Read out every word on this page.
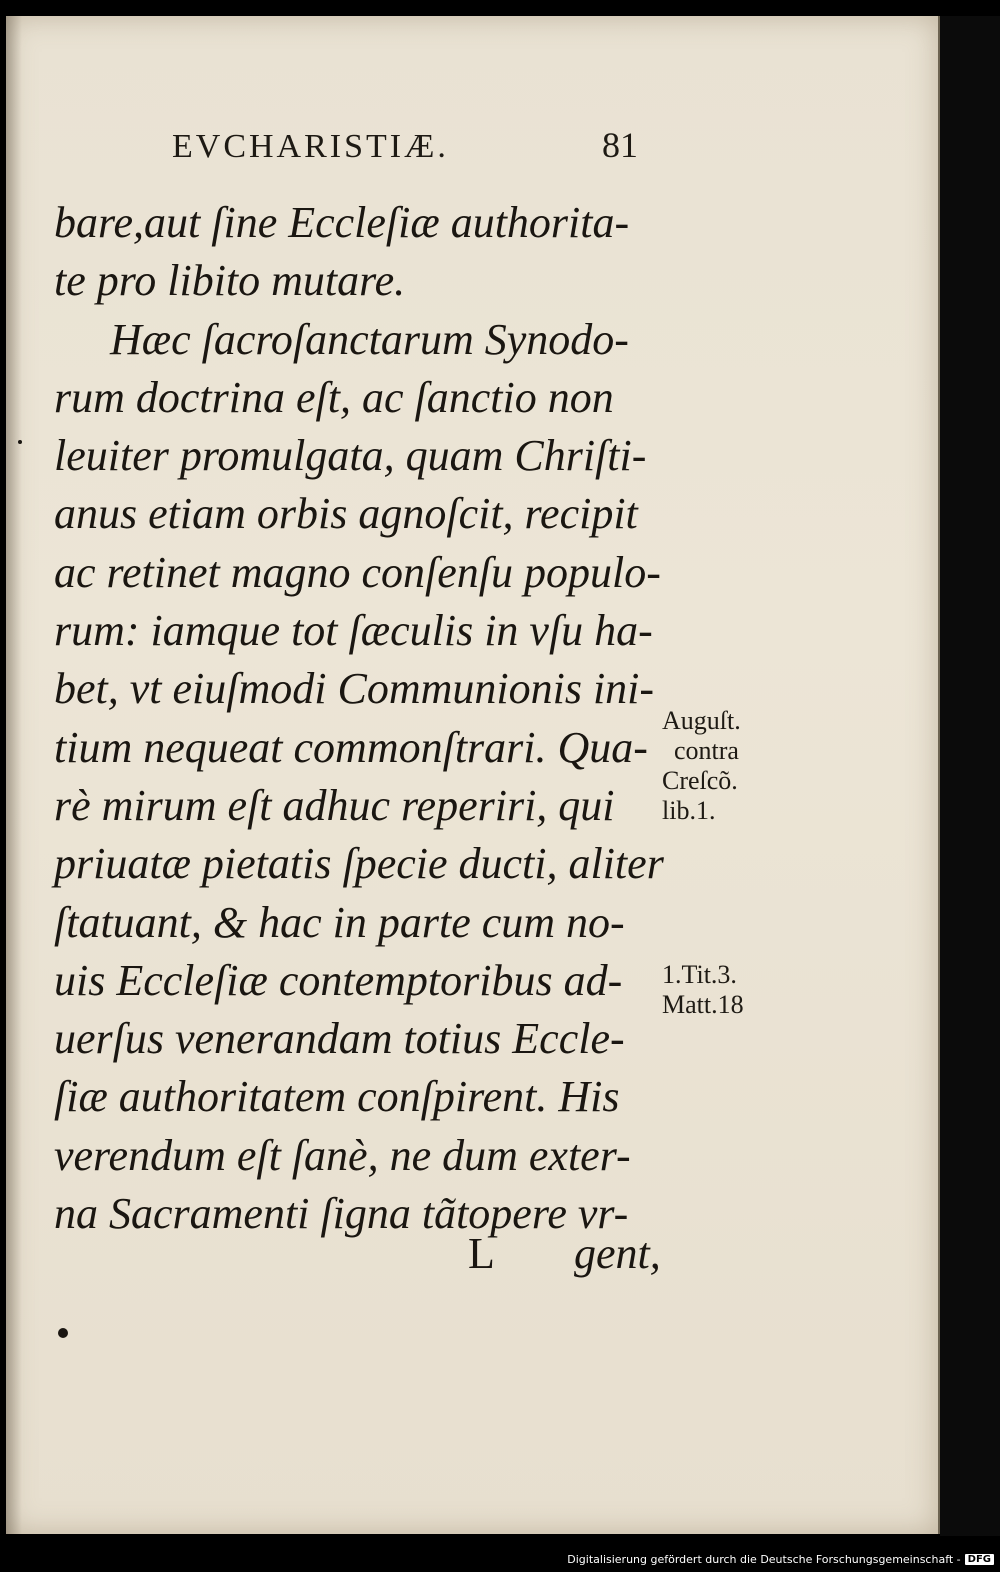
EVCHARISTIÆ.	81
bare,aut ſine Eccleſiæ authorita-
te pro libito mutare.
Hæc ſacroſanctarum Synodo-
rum doctrina eſt, ac ſanctio non
leuiter promulgata, quam Chriſti-
anus etiam orbis agnoſcit, recipit
ac retinet magno conſenſu populo-
rum: iamque tot ſæculis in vſu ha-
bet, vt eiuſmodi Communionis ini-
tium nequeat commonſtrari. Qua-
rè mirum eſt adhuc reperiri, qui
priuatæ pietatis ſpecie ducti, aliter
ſtatuant, & hac in parte cum no-
uis Eccleſiæ contemptoribus ad-
uerſus venerandam totius Eccle-
ſiæ authoritatem conſpirent. His
verendum eſt ſanè, ne dum exter-
na Sacramenti ſigna tãtopere vr-
L gent,
Auguſt.
contra
Creſcõ.
lib.1.
1.Tit.3.
Matt.18
Digitalisierung gefördert durch die Deutsche Forschungsgemeinschaft - DFG
